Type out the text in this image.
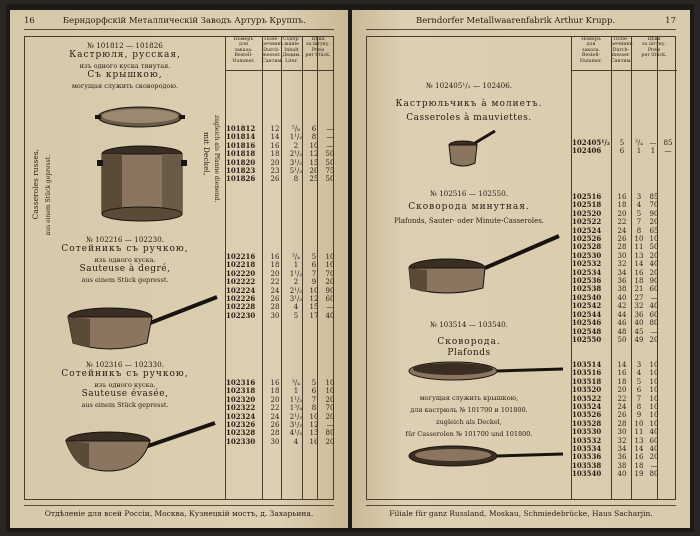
16	Берндорфскій Металлическій Заводъ Артуръ Круппъ.
Номеръ
для
заказа.
Bestell-
Nummer.
Попе-
речникъ
Durch-
messer.
Сантим.
Содер-
жаніе
Inhalt
Децим.
Liter.
Цѣна
за штуку.
Preis
per Stück.
№ 101812 — 101826
Кастрюля, русская,
изъ одного куска тянутая.
Съ крышкою,
могущая служить сковородою.
Casseroles russes, aus einem Stück gepresst.
mit Deckel, zugleich als Pfanne dienend. 101812	12	⁵/₈	6	—
101814	14	1¹/₂	8	—
101816	16	2	10	—
101818	18	2¹/₂	12	50
101820	20	3¹/₂	15	50
101823	23	5¹/₂	20	75
101826	26	8	25	50
№ 102216 — 102230.
Сотейникъ съ ручкою,
изъ одного куска.
Sauteuse à degré,
aus einem Stück gepresst.
102216	16	³/₄	5	10
102218	18	1	6	10
102220	20	1¹/₂	7	70
102222	22	2	9	20
102224	24	2¹/₂	10	90
102226	26	3¹/₂	12	60
102228	28	4	15	—
102230	30	5	17	40
№ 102316 — 102330.
Сотейникъ съ ручкою,
изъ одного куска.
Sauteuse évasée,
aus einem Stück gepresst.
102316	16	³/₄	5	10
102318	18	1	6	10
102320	20	1¹/₂	7	20
102322	22	1³/₄	8	70
102324	24	2¹/₂	10	20
102326	26	3¹/₂	12	—
102328	28	4¹/₂	13	80
102330	30	4	16	20
Отдѣленіе для всей Россіи, Москва, Кузнецкій мостъ, д. Захарьина.
Berndorfer Metallwaarenfabrik Arthur Krupp.	17
Номеръ
для
заказа.
Bestell-
Nummer.
Попе-
речникъ
Durch-
messer.
Сантим.
Цѣна
за штуку.
Preis
per Stück.
№ 102405¹/₂ — 102406.
Кастрюльчикъ à молиетъ.
Casseroles à mauviettes.
102405¹/₂	5	³/₄ —	85
102406	6	1	1	—
№ 102516 — 102550.
Сковорода минутная.
Plafonds, Sauter- oder Minute-Casseroles.
102516	16	3	85
102518	18	4	70
102520	20	5	90
102522	22	7	20
102524	24	8	65
102526	26	10 10
102528	28	11 50
102530	30	13 20
102532	32	14 40
102534	34	16 20
102536	36	18 90
102538	38	21 60
102540	40	27	—
102542	42	32 40
102544	44	36 60
102546	46	40 80
102548	48	45	—
102550	50	49 20
№ 103514 — 103540.
Сковорода.
Plafonds
могущая служить крышкою,
для кастрюль № 101700 и 101800.
zugleich als Deckel,
für Casserolen № 101700 und 101800.
103514	14	3	10
103516	16	4	10
103518	18	5	10
103520	20	6	10
103522	22	7	10
103524	24	8	10
103526	26	9	10
103528	28	10 10
103530	30	11 40
103532	32	13 60
103534	34	14 40
103536	36	16 20
103538	38	18	—
103540	40	19 80
Filiale für ganz Russland, Moskau, Schmiedebrücke, Haus Sacharjin.
